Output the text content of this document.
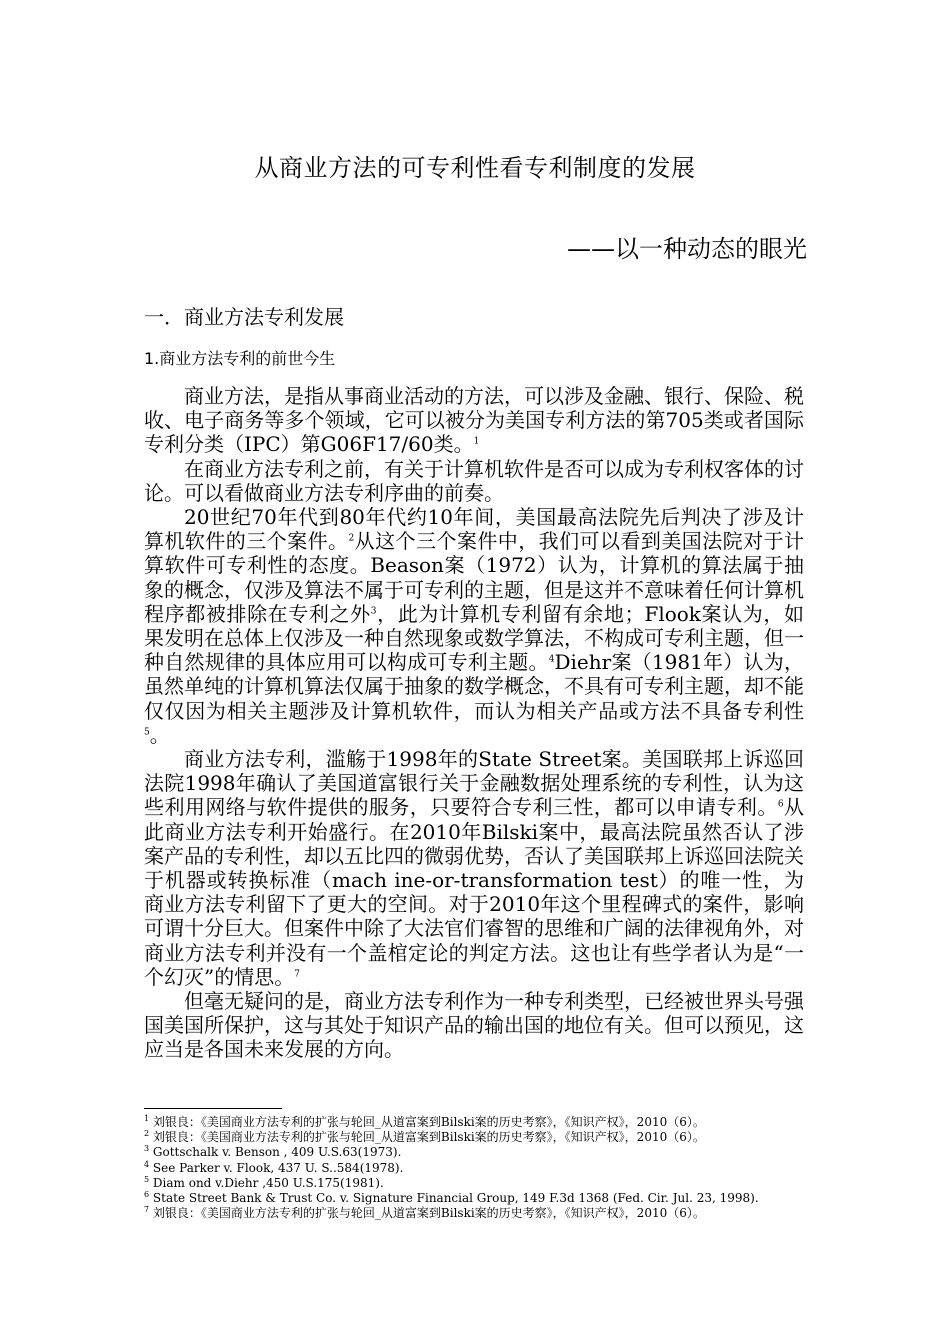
从商业方法的可专利性看专利制度的发展
——以一种动态的眼光
一．商业方法专利发展
1.商业方法专利的前世今生

商业方法，是指从事商业活动的方法，可以涉及金融、银行、保险、税收、电子商务等多个领域，它可以被分为美国专利方法的第705类或者国际专利分类（IPC）第G06F17/60类。$^1$

在商业方法专利之前，有关于计算机软件是否可以成为专利权客体的讨论。可以看做商业方法专利序曲的前奏。

20世纪70年代到80年代约10年间，美国最高法院先后判决了涉及计算机软件的三个案件。$^2$从这个三个案件中，我们可以看到美国法院对于计算软件可专利性的态度。Beason案（1972）认为，计算机的算法属于抽象的概念，仅涉及算法不属于可专利的主题，但是这并不意味着任何计算机程序都被排除在专利之外$^3$，此为计算机专利留有余地；Flook案认为，如果发明在总体上仅涉及一种自然现象或数学算法，不构成可专利主题，但一种自然规律的具体应用可以构成可专利主题。$^4$Diehr案（1981年）认为，虽然单纯的计算机算法仅属于抽象的数学概念，不具有可专利主题，却不能仅仅因为相关主题涉及计算机软件，而认为相关产品或方法不具备专利性$^5$。

商业方法专利，滥觞于1998年的State Street案。美国联邦上诉巡回法院1998年确认了美国道富银行关于金融数据处理系统的专利性，认为这些利用网络与软件提供的服务，只要符合专利三性，都可以申请专利。$^6$从此商业方法专利开始盛行。在2010年Bilski案中，最高法院虽然否认了涉案产品的专利性，却以五比四的微弱优势，否认了美国联邦上诉巡回法院关于机器或转换标准（mach ine-or-transformation test）的唯一性，为商业方法专利留下了更大的空间。对于2010年这个里程碑式的案件，影响可谓十分巨大。但案件中除了大法官们睿智的思维和广阔的法律视角外，对商业方法专利并没有一个盖棺定论的判定方法。这也让有些学者认为是“一个幻灭”的情思。$^7$

但毫无疑问的是，商业方法专利作为一种专利类型，已经被世界头号强国美国所保护，这与其处于知识产品的输出国的地位有关。但可以预见，这应当是各国未来发展的方向。

$^1$ 刘银良：《美国商业方法专利的扩张与轮回_从道富案到Bilski案的历史考察》，《知识产权》，2010（6）。
$^2$ 刘银良：《美国商业方法专利的扩张与轮回_从道富案到Bilski案的历史考察》，《知识产权》，2010（6）。
$^3$ Gottschalk v. Benson , 409 U.S.63(1973).
$^4$ See Parker v. Flook, 437 U. S..584(1978).
$^5$ Diam ond v.Diehr ,450 U.S.175(1981).
$^6$ State Street Bank & Trust Co. v. Signature Financial Group, 149 F.3d 1368 (Fed. Cir. Jul. 23, 1998).
$^7$ 刘银良：《美国商业方法专利的扩张与轮回_从道富案到Bilski案的历史考察》，《知识产权》，2010（6）。
